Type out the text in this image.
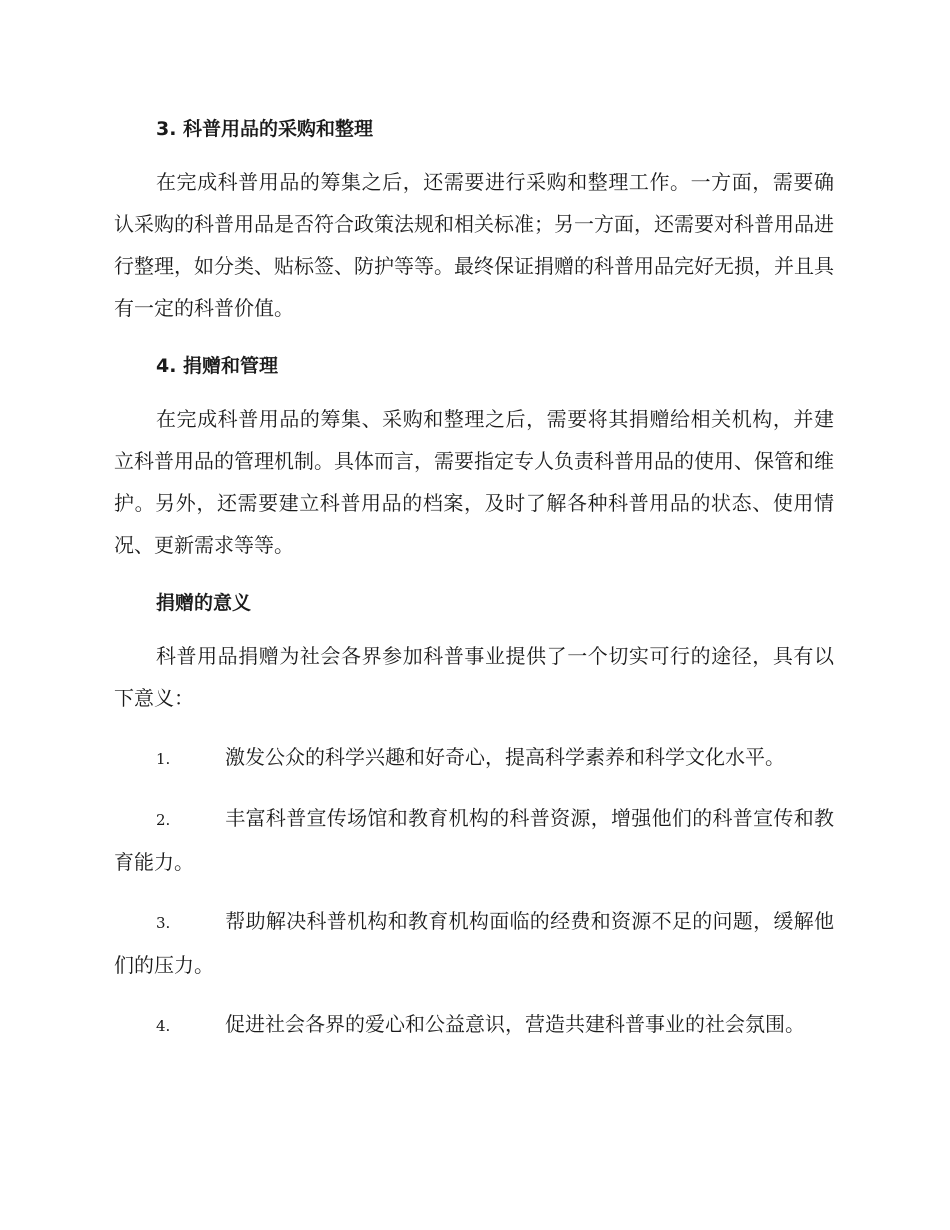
3. 科普用品的采购和整理

在完成科普用品的筹集之后，还需要进行采购和整理工作。一方面，需要确认采购的科普用品是否符合政策法规和相关标准；另一方面，还需要对科普用品进行整理，如分类、贴标签、防护等等。最终保证捐赠的科普用品完好无损，并且具有一定的科普价值。

4. 捐赠和管理

在完成科普用品的筹集、采购和整理之后，需要将其捐赠给相关机构，并建立科普用品的管理机制。具体而言，需要指定专人负责科普用品的使用、保管和维护。另外，还需要建立科普用品的档案，及时了解各种科普用品的状态、使用情况、更新需求等等。

捐赠的意义

科普用品捐赠为社会各界参加科普事业提供了一个切实可行的途径，具有以下意义：

1.	激发公众的科学兴趣和好奇心，提高科学素养和科学文化水平。

2.	丰富科普宣传场馆和教育机构的科普资源，增强他们的科普宣传和教育能力。

3.	帮助解决科普机构和教育机构面临的经费和资源不足的问题，缓解他们的压力。

4.	促进社会各界的爱心和公益意识，营造共建科普事业的社会氛围。
